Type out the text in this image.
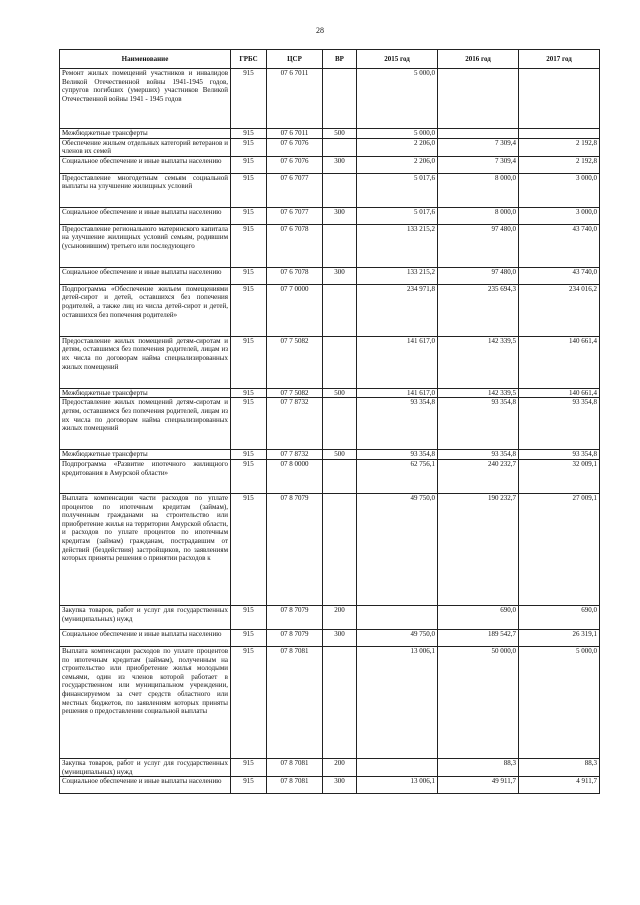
28
Наименование	ГРБС	ЦСР	ВР	2015 год	2016 год	2017 год
Ремонт жилых помещений участников и инвалидов Великой Отечественной войны 1941-1945 годов, супругов погибших (умерших) участников Великой Отечественной войны 1941 - 1945 годов	915	07 6 7011		5 000,0		
Межбюджетные трансферты	915	07 6 7011	500	5 000,0		
Обеспечение жильем отдельных категорий ветеранов и членов их семей	915	07 6 7076		2 206,0	7 309,4	2 192,8
Социальное обеспечение и иные выплаты населению	915	07 6 7076	300	2 206,0	7 309,4	2 192,8
Предоставление многодетным семьям социальной выплаты на улучшение жилищных условий	915	07 6 7077		5 017,6	8 000,0	3 000,0
Социальное обеспечение и иные выплаты населению	915	07 6 7077	300	5 017,6	8 000,0	3 000,0
Предоставление регионального материнского капитала на улучшение жилищных условий семьям, родившим (усыновившим) третьего или последующего	915	07 6 7078		133 215,2	97 480,0	43 740,0
Социальное обеспечение и иные выплаты населению	915	07 6 7078	300	133 215,2	97 480,0	43 740,0
Подпрограмма «Обеспечение жильем помещениями детей-сирот и детей, оставшихся без попечения родителей, а также лиц из числа детей-сирот и детей, оставшихся без попечения родителей»	915	07 7 0000		234 971,8	235 694,3	234 016,2
Предоставление жилых помещений детям-сиротам и детям, оставшимся без попечения родителей, лицам из их числа по договорам найма специализированных жилых помещений	915	07 7 5082		141 617,0	142 339,5	140 661,4
Межбюджетные трансферты	915	07 7 5082	500	141 617,0	142 339,5	140 661,4
Предоставление жилых помещений детям-сиротам и детям, оставшимся без попечения родителей, лицам из их числа по договорам найма специализированных жилых помещений	915	07 7 8732		93 354,8	93 354,8	93 354,8
Межбюджетные трансферты	915	07 7 8732	500	93 354,8	93 354,8	93 354,8
Подпрограмма «Развитие ипотечного жилищного кредитования в Амурской области»	915	07 8 0000		62 756,1	240 232,7	32 009,1
Выплата компенсации части расходов по уплате процентов по ипотечным кредитам (займам), полученным гражданами на строительство или приобретение жилья на территории Амурской области, и расходов по уплате процентов по ипотечным кредитам (займам) гражданам, пострадавшим от действий (бездействия) застройщиков, по заявлениям которых приняты решения о принятии расходов к	915	07 8 7079		49 750,0	190 232,7	27 009,1
Закупка товаров, работ и услуг для государственных (муниципальных) нужд	915	07 8 7079	200		690,0	690,0
Социальное обеспечение и иные выплаты населению	915	07 8 7079	300	49 750,0	189 542,7	26 319,1
Выплата компенсации расходов по уплате процентов по ипотечным кредитам (займам), полученным на строительство или приобретение жилья молодыми семьями, один из членов которой работает в государственном или муниципальном учреждении, финансируемом за счет средств областного или местных бюджетов, по заявлениям которых приняты решения о предоставлении социальной выплаты	915	07 8 7081		13 006,1	50 000,0	5 000,0
Закупка товаров, работ и услуг для государственных (муниципальных) нужд	915	07 8 7081	200		88,3	88,3
Социальное обеспечение и иные выплаты населению	915	07 8 7081	300	13 006,1	49 911,7	4 911,7
